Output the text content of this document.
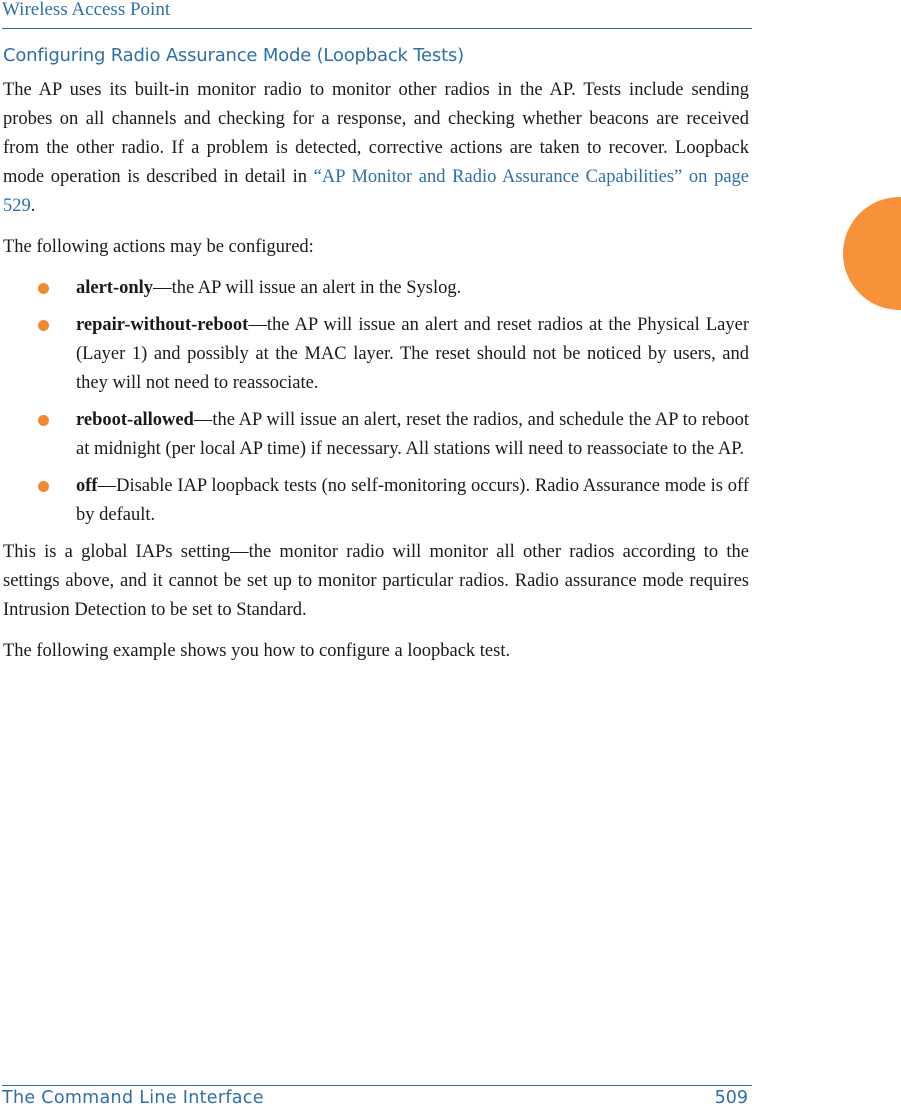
Wireless Access Point
Configuring Radio Assurance Mode (Loopback Tests)

The AP uses its built-in monitor radio to monitor other radios in the AP. Tests include sending probes on all channels and checking for a response, and checking whether beacons are received from the other radio. If a problem is detected, corrective actions are taken to recover. Loopback mode operation is described in detail in “AP Monitor and Radio Assurance Capabilities” on page 529.

The following actions may be configured:

alert-only—the AP will issue an alert in the Syslog.
repair-without-reboot—the AP will issue an alert and reset radios at the Physical Layer (Layer 1) and possibly at the MAC layer. The reset should not be noticed by users, and they will not need to reassociate.
reboot-allowed—the AP will issue an alert, reset the radios, and schedule the AP to reboot at midnight (per local AP time) if necessary. All stations will need to reassociate to the AP.
off—Disable IAP loopback tests (no self-monitoring occurs). Radio Assurance mode is off by default.

This is a global IAPs setting—the monitor radio will monitor all other radios according to the settings above, and it cannot be set up to monitor particular radios. Radio assurance mode requires Intrusion Detection to be set to Standard.

The following example shows you how to configure a loopback test.

The Command Line Interface	509
